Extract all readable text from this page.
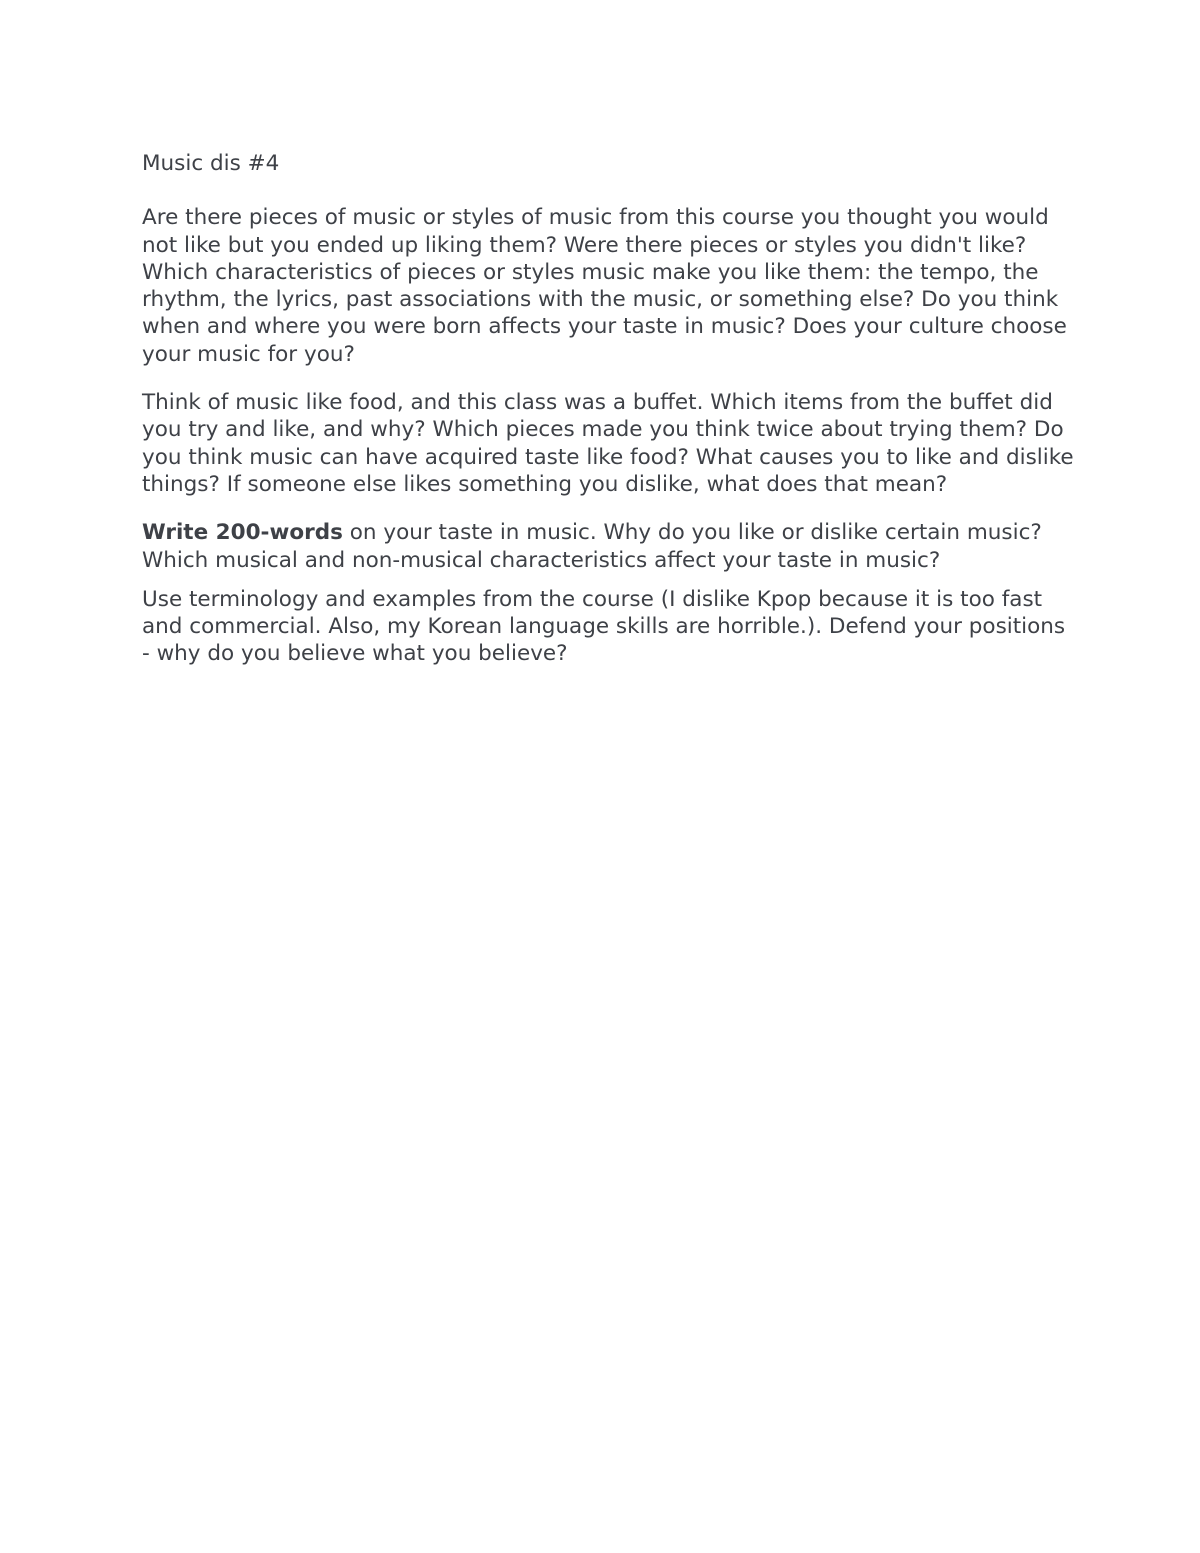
Music dis #4

Are there pieces of music or styles of music from this course you thought you would not like but you ended up liking them? Were there pieces or styles you didn't like? Which characteristics of pieces or styles music make you like them: the tempo, the rhythm, the lyrics, past associations with the music, or something else? Do you think when and where you were born affects your taste in music? Does your culture choose your music for you?

Think of music like food, and this class was a buffet. Which items from the buffet did you try and like, and why? Which pieces made you think twice about trying them? Do you think music can have acquired taste like food? What causes you to like and dislike things? If someone else likes something you dislike, what does that mean?

Write 200-words on your taste in music. Why do you like or dislike certain music? Which musical and non-musical characteristics affect your taste in music?

Use terminology and examples from the course (I dislike Kpop because it is too fast and commercial. Also, my Korean language skills are horrible.). Defend your positions - why do you believe what you believe?
